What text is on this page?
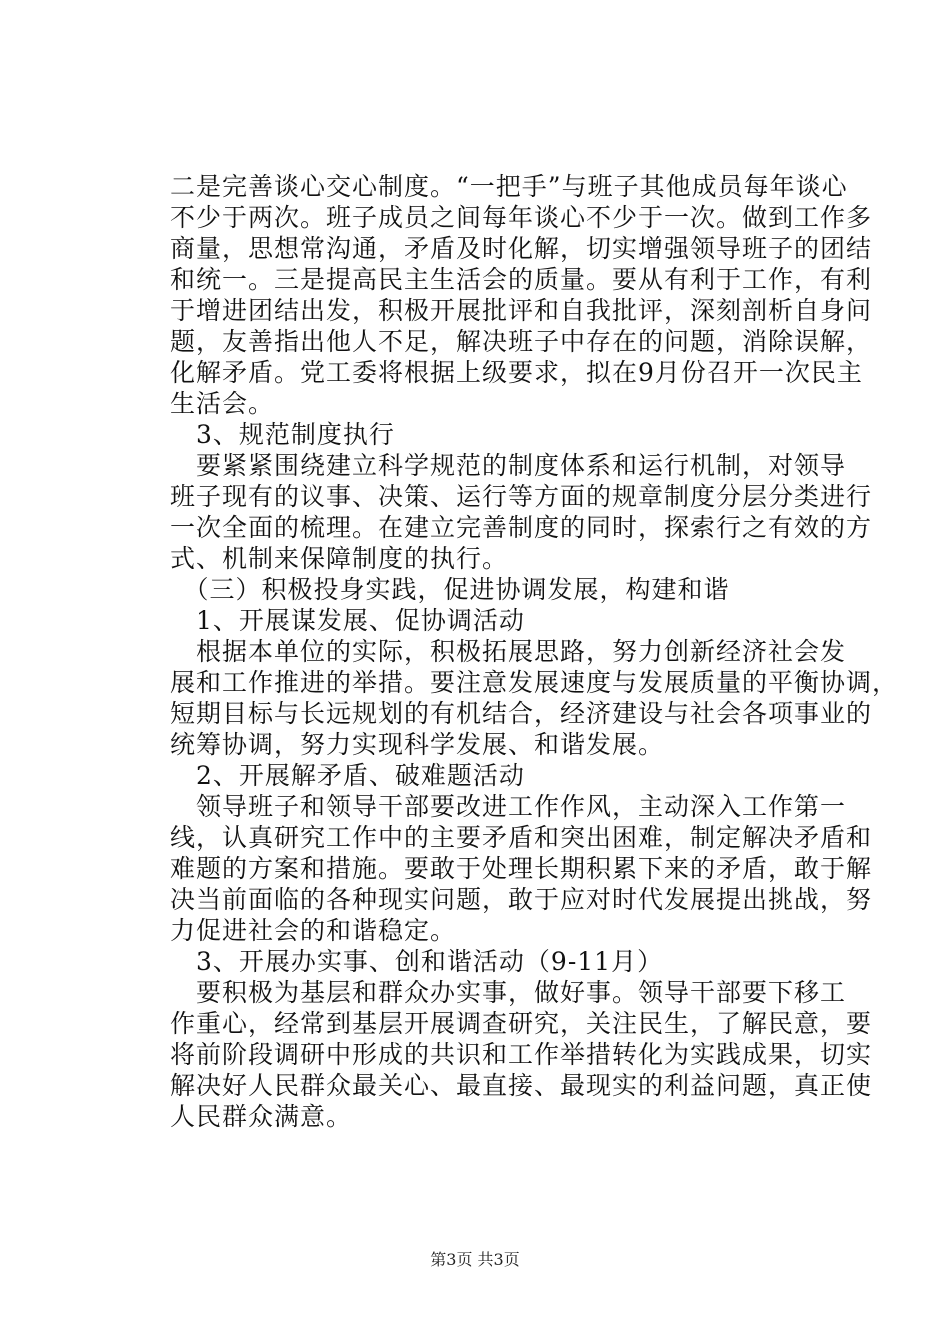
二是完善谈心交心制度。“一把手”与班子其他成员每年谈心
不少于两次。班子成员之间每年谈心不少于一次。做到工作多
商量，思想常沟通，矛盾及时化解，切实增强领导班子的团结
和统一。三是提高民主生活会的质量。要从有利于工作，有利
于增进团结出发，积极开展批评和自我批评，深刻剖析自身问
题，友善指出他人不足，解决班子中存在的问题，消除误解，
化解矛盾。党工委将根据上级要求，拟在9月份召开一次民主
生活会。
　3、规范制度执行
　要紧紧围绕建立科学规范的制度体系和运行机制，对领导
班子现有的议事、决策、运行等方面的规章制度分层分类进行
一次全面的梳理。在建立完善制度的同时，探索行之有效的方
式、机制来保障制度的执行。
　（三）积极投身实践，促进协调发展，构建和谐
　1、开展谋发展、促协调活动
　根据本单位的实际，积极拓展思路，努力创新经济社会发
展和工作推进的举措。要注意发展速度与发展质量的平衡协调，
短期目标与长远规划的有机结合，经济建设与社会各项事业的
统筹协调，努力实现科学发展、和谐发展。
　2、开展解矛盾、破难题活动
　领导班子和领导干部要改进工作作风，主动深入工作第一
线，认真研究工作中的主要矛盾和突出困难，制定解决矛盾和
难题的方案和措施。要敢于处理长期积累下来的矛盾，敢于解
决当前面临的各种现实问题，敢于应对时代发展提出挑战，努
力促进社会的和谐稳定。
　3、开展办实事、创和谐活动（9-11月）
　要积极为基层和群众办实事，做好事。领导干部要下移工
作重心，经常到基层开展调查研究，关注民生，了解民意，要
将前阶段调研中形成的共识和工作举措转化为实践成果，切实
解决好人民群众最关心、最直接、最现实的利益问题，真正使
人民群众满意。
第3页 共3页
